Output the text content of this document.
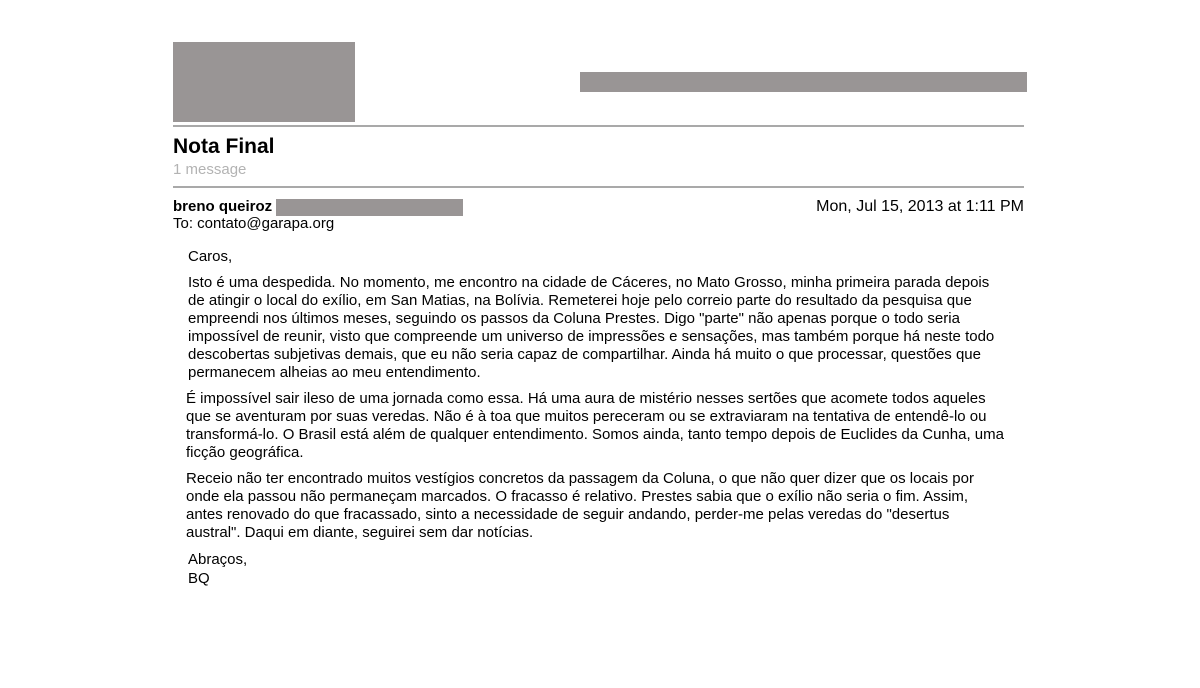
Nota Final
1 message
breno queiroz	Mon, Jul 15, 2013 at 1:11 PM
To: contato@garapa.org

Caros,

Isto é uma despedida. No momento, me encontro na cidade de Cáceres, no Mato Grosso, minha primeira parada depois de atingir o local do exílio, em San Matias, na Bolívia. Remeterei hoje pelo correio parte do resultado da pesquisa que empreendi nos últimos meses, seguindo os passos da Coluna Prestes. Digo "parte" não apenas porque o todo seria impossível de reunir, visto que compreende um universo de impressões e sensações, mas também porque há neste todo descobertas subjetivas demais, que eu não seria capaz de compartilhar. Ainda há muito o que processar, questões que permanecem alheias ao meu entendimento.

É impossível sair ileso de uma jornada como essa. Há uma aura de mistério nesses sertões que acomete todos aqueles que se aventuram por suas veredas. Não é à toa que muitos pereceram ou se extraviaram na tentativa de entendê-lo ou transformá-lo. O Brasil está além de qualquer entendimento. Somos ainda, tanto tempo depois de Euclides da Cunha, uma ficção geográfica.

Receio não ter encontrado muitos vestígios concretos da passagem da Coluna, o que não quer dizer que os locais por onde ela passou não permaneçam marcados. O fracasso é relativo. Prestes sabia que o exílio não seria o fim. Assim, antes renovado do que fracassado, sinto a necessidade de seguir andando, perder-me pelas veredas do "desertus austral". Daqui em diante, seguirei sem dar notícias.

Abraços,
BQ
